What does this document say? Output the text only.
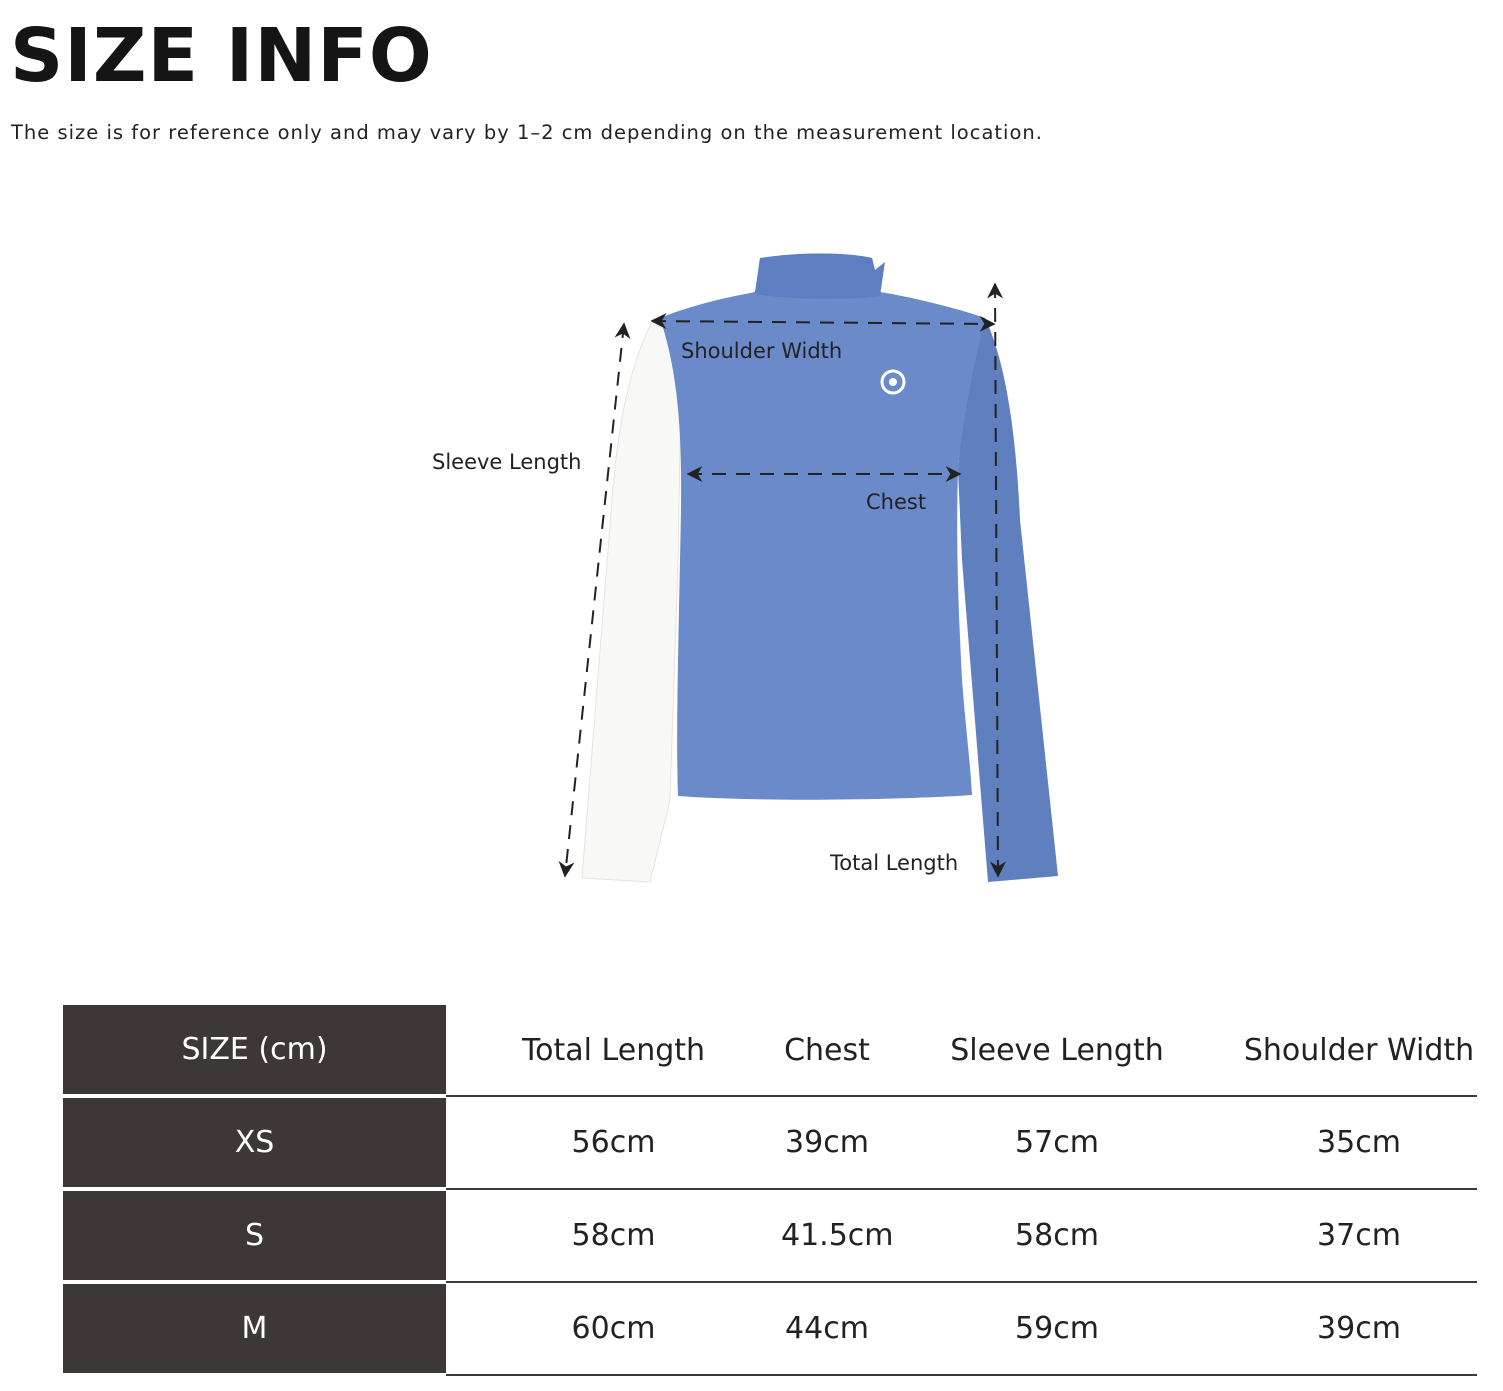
SIZE INFO

The size is for reference only and may vary by 1–2 cm depending on the measurement location.

Shoulder Width
Sleeve Length
Chest
Total Length
SIZE (cm)	Total Length	Chest	Sleeve Length	Shoulder Width
XS	56cm	39cm	57cm	35cm
S	58cm	41.5cm	58cm	37cm
M	60cm	44cm	59cm	39cm
